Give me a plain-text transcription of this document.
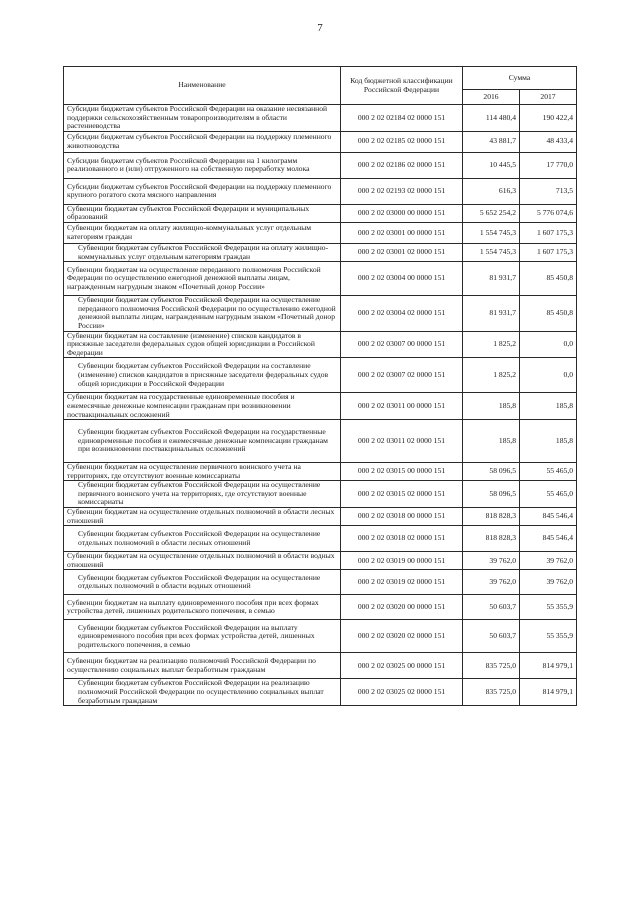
7
Наименование	Код бюджетной классификации Российской Федерации	Сумма	
		2016	2017
Субсидии бюджетам субъектов Российской Федерации на оказание несвязанной поддержки сельскохозяйственным товаропроизводителям в области растениеводства	000 2 02 02184 02 0000 151	114 480,4	190 422,4
Субсидии бюджетам субъектов Российской Федерации на поддержку племенного животноводства	000 2 02 02185 02 0000 151	43 881,7	48 433,4
Субсидии бюджетам субъектов Российской Федерации на 1 килограмм реализованного и (или) отгруженного на собственную переработку молока	000 2 02 02186 02 0000 151	10 445,5	17 770,0
Субсидии бюджетам субъектов Российской Федерации на поддержку племенного крупного рогатого скота мясного направления	000 2 02 02193 02 0000 151	616,3	713,5
Субвенции бюджетам субъектов Российской Федерации и муниципальных образований	000 2 02 03000 00 0000 151	5 652 254,2	5 776 074,6
Субвенции бюджетам на оплату жилищно-коммунальных услуг отдельным категориям граждан	000 2 02 03001 00 0000 151	1 554 745,3	1 607 175,3
Субвенции бюджетам субъектов Российской Федерации на оплату жилищно-коммунальных услуг отдельным категориям граждан	000 2 02 03001 02 0000 151	1 554 745,3	1 607 175,3
Субвенции бюджетам на осуществление переданного полномочия Российской Федерации по осуществлению ежегодной денежной выплаты лицам, награжденным нагрудным знаком «Почетный донор России»	000 2 02 03004 00 0000 151	81 931,7	85 450,8
Субвенции бюджетам субъектов Российской Федерации на осуществление переданного полномочия Российской Федерации по осуществлению ежегодной денежной выплаты лицам, награжденным нагрудным знаком «Почетный донор России»	000 2 02 03004 02 0000 151	81 931,7	85 450,8
Субвенции бюджетам на составление (изменение) списков кандидатов в присяжные заседатели федеральных судов общей юрисдикции в Российской Федерации	000 2 02 03007 00 0000 151	1 825,2	0,0
Субвенции бюджетам субъектов Российской Федерации на составление (изменение) списков кандидатов в присяжные заседатели федеральных судов общей юрисдикции в Российской Федерации	000 2 02 03007 02 0000 151	1 825,2	0,0
Субвенции бюджетам на государственные единовременные пособия и ежемесячные денежные компенсации гражданам при возникновении поствакцинальных осложнений	000 2 02 03011 00 0000 151	185,8	185,8
Субвенции бюджетам субъектов Российской Федерации на государственные единовременные пособия и ежемесячные денежные компенсации гражданам при возникновении поствакцинальных осложнений	000 2 02 03011 02 0000 151	185,8	185,8
Субвенции бюджетам на осуществление первичного воинского учета на территориях, где отсутствуют военные комиссариаты	000 2 02 03015 00 0000 151	58 096,5	55 465,0
Субвенции бюджетам субъектов Российской Федерации на осуществление первичного воинского учета на территориях, где отсутствуют военные комиссариаты	000 2 02 03015 02 0000 151	58 096,5	55 465,0
Субвенции бюджетам на осуществление отдельных полномочий в области лесных отношений	000 2 02 03018 00 0000 151	818 828,3	845 546,4
Субвенции бюджетам субъектов Российской Федерации на осуществление отдельных полномочий в области лесных отношений	000 2 02 03018 02 0000 151	818 828,3	845 546,4
Субвенции бюджетам на осуществление отдельных полномочий в области водных отношений	000 2 02 03019 00 0000 151	39 762,0	39 762,0
Субвенции бюджетам субъектов Российской Федерации на осуществление отдельных полномочий в области водных отношений	000 2 02 03019 02 0000 151	39 762,0	39 762,0
Субвенции бюджетам на выплату единовременного пособия при всех формах устройства детей, лишенных родительского попечения, в семью	000 2 02 03020 00 0000 151	50 603,7	55 355,9
Субвенции бюджетам субъектов Российской Федерации на выплату единовременного пособия при всех формах устройства детей, лишенных родительского попечения, в семью	000 2 02 03020 02 0000 151	50 603,7	55 355,9
Субвенции бюджетам на реализацию полномочий Российской Федерации по осуществлению социальных выплат безработным гражданам	000 2 02 03025 00 0000 151	835 725,0	814 979,1
Субвенции бюджетам субъектов Российской Федерации на реализацию полномочий Российской Федерации по осуществлению социальных выплат безработным гражданам	000 2 02 03025 02 0000 151	835 725,0	814 979,1
